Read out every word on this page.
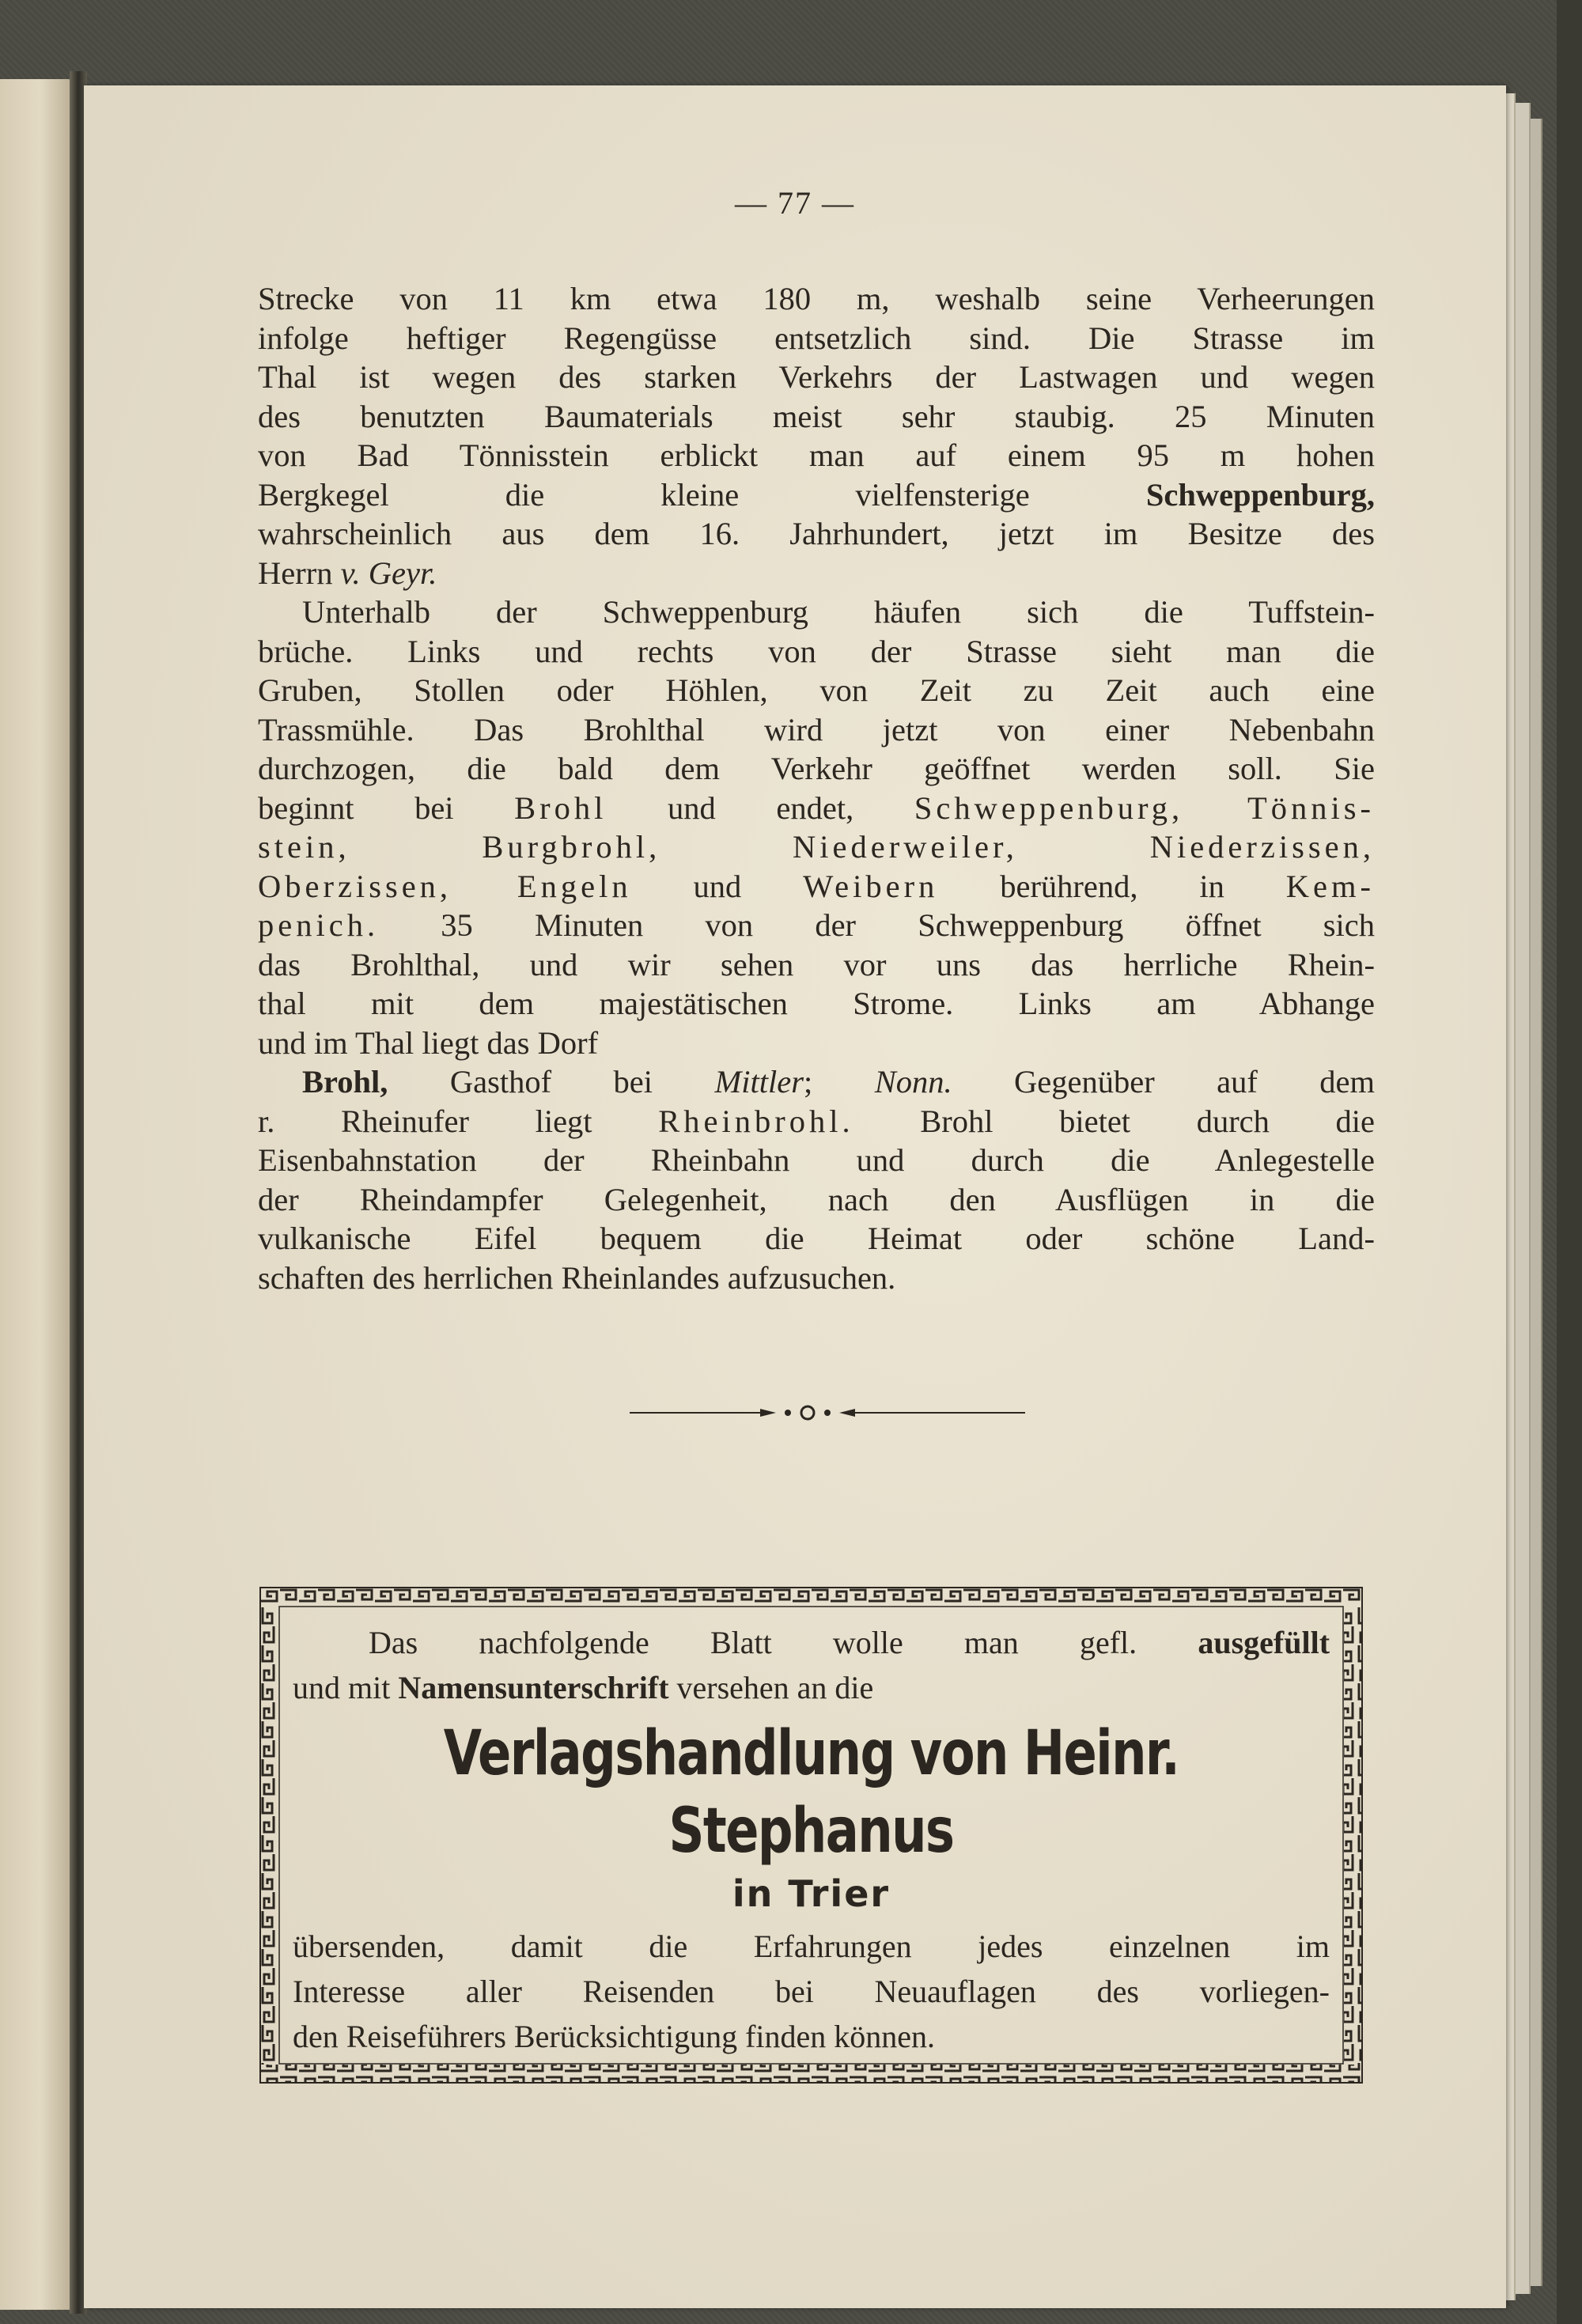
— 77 —
Strecke von 11 km etwa 180 m, weshalb seine Verheerungen
infolge heftiger Regengüsse entsetzlich sind. Die Strasse im
Thal ist wegen des starken Verkehrs der Lastwagen und wegen
des benutzten Baumaterials meist sehr staubig. 25 Minuten
von Bad Tönnisstein erblickt man auf einem 95 m hohen
Bergkegel die kleine vielfensterige	Schweppenburg,
wahrscheinlich aus dem 16. Jahrhundert, jetzt im Besitze des
Herrn v. Geyr.
Unterhalb der Schweppenburg häufen sich die Tuffstein-
brüche. Links und rechts von der Strasse sieht man die
Gruben, Stollen oder Höhlen, von Zeit zu Zeit auch eine
Trassmühle. Das Brohlthal wird jetzt von einer Nebenbahn
durchzogen, die bald dem Verkehr geöffnet werden soll. Sie
beginnt bei Brohl und endet, Schweppenburg, Tönnis-
stein, Burgbrohl, Niederweiler, Niederzissen,
Oberzissen, Engeln und Weibern berührend, in Kem-
penich. 35 Minuten von der Schweppenburg öffnet sich
das Brohlthal, und wir sehen vor uns das herrliche Rhein-
thal mit dem majestätischen Strome. Links am Abhange
und im Thal liegt das Dorf
Brohl, Gasthof bei Mittler; Nonn. Gegenüber auf dem
r. Rheinufer liegt Rheinbrohl. Brohl bietet durch die
Eisenbahnstation der Rheinbahn und durch die Anlegestelle
der Rheindampfer Gelegenheit, nach den Ausflügen in die
vulkanische Eifel bequem die Heimat oder schöne Land-
schaften des herrlichen Rheinlandes aufzusuchen.
Das nachfolgende Blatt wolle man gefl. ausgefüllt
und mit Namensunterschrift versehen an die
Verlagshandlung von Heinr. Stephanus
in Trier
übersenden, damit die Erfahrungen jedes einzelnen im
Interesse aller Reisenden bei Neuauflagen des vorliegen-
den Reiseführers Berücksichtigung finden können.
